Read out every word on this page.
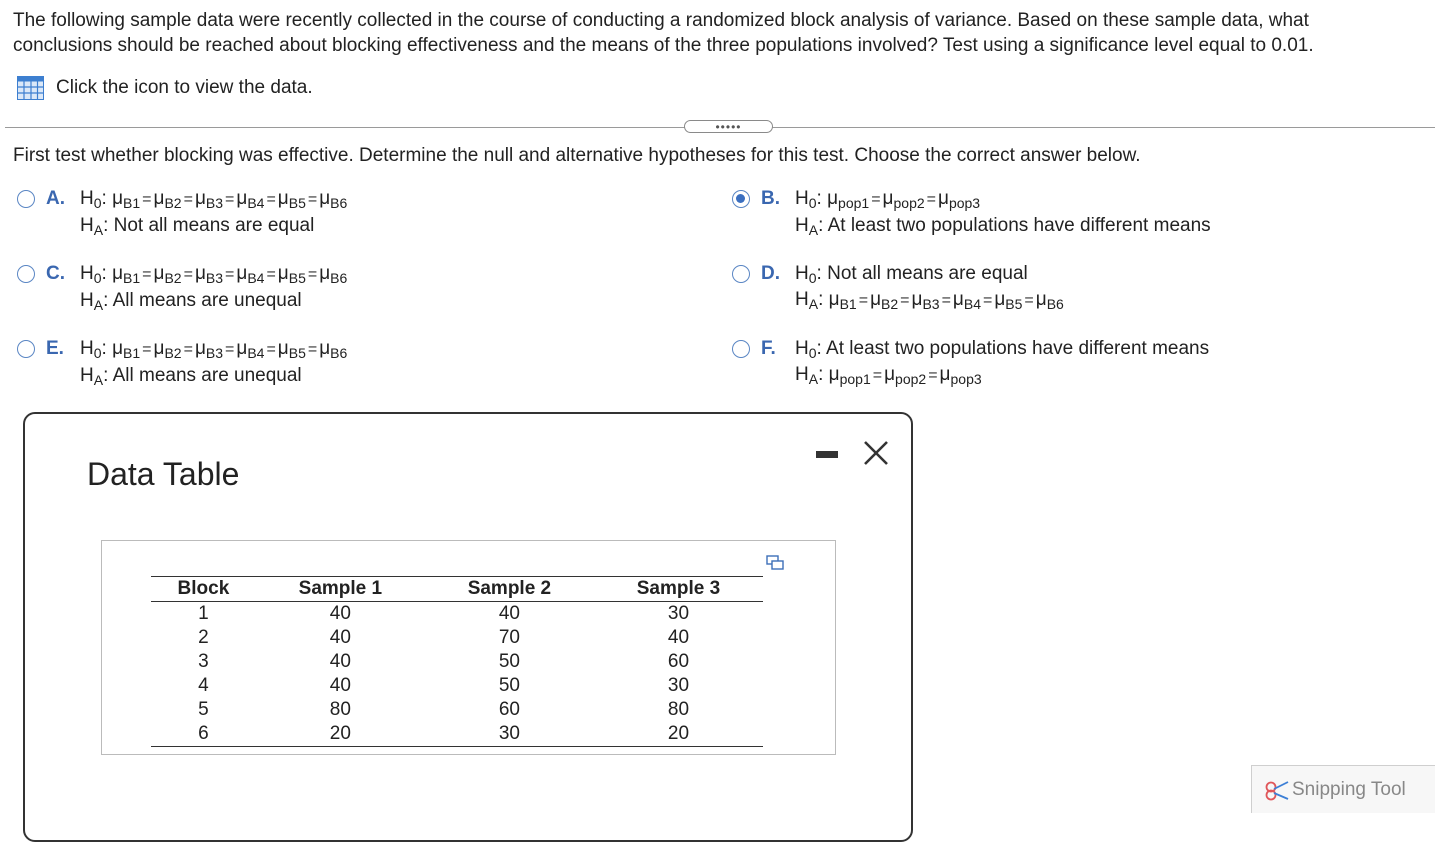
The following sample data were recently collected in the course of conducting a randomized block analysis of variance. Based on these sample data, what
conclusions should be reached about blocking effectiveness and the means of the three populations involved? Test using a significance level equal to 0.01.
Click the icon to view the data.
•••••
First test whether blocking was effective. Determine the null and alternative hypotheses for this test. Choose the correct answer below.
A. $H_0$: $\mu_{B1} = \mu_{B2} = \mu_{B3} = \mu_{B4} = \mu_{B5} = \mu_{B6}$
$H_A$: Not all means are equal
B. $H_0$: $\mu_{pop1} = \mu_{pop2} = \mu_{pop3}$
$H_A$: At least two populations have different means
C. $H_0$: $\mu_{B1} = \mu_{B2} = \mu_{B3} = \mu_{B4} = \mu_{B5} = \mu_{B6}$
$H_A$: All means are unequal
D. $H_0$: Not all means are equal
$H_A$: $\mu_{B1} = \mu_{B2} = \mu_{B3} = \mu_{B4} = \mu_{B5} = \mu_{B6}$
E. $H_0$: $\mu_{B1} = \mu_{B2} = \mu_{B3} = \mu_{B4} = \mu_{B5} = \mu_{B6}$
$H_A$: All means are unequal
F. $H_0$: At least two populations have different means
$H_A$: $\mu_{pop1} = \mu_{pop2} = \mu_{pop3}$
Data Table
Block	Sample 1	Sample 2	Sample 3
1	40	40	30
2	40	70	40
3	40	50	60
4	40	50	30
5	80	60	80
6	20	30	20
Snipping Tool
